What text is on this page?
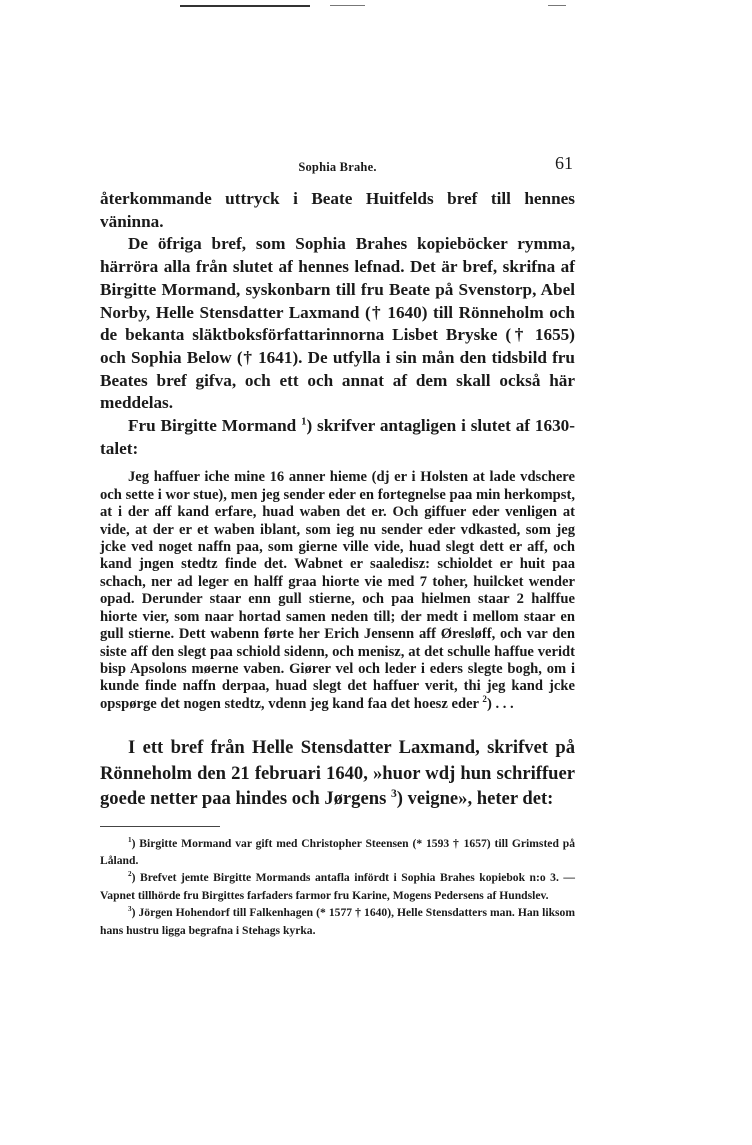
Sophia Brahe.	61

återkommande uttryck i Beate Huitfelds bref till hennes väninna.

De öfriga bref, som Sophia Brahes kopieböcker rymma, härröra alla från slutet af hennes lefnad. Det är bref, skrifna af Birgitte Mormand, syskonbarn till fru Beate på Svenstorp, Abel Norby, Helle Stensdatter Laxmand († 1640) till Rönneholm och de bekanta släktboksförfattarinnorna Lisbet Bryske († 1655) och Sophia Below († 1641). De utfylla i sin mån den tidsbild fru Beates bref gifva, och ett och annat af dem skall också här meddelas.

Fru Birgitte Mormand $^1$) skrifver antagligen i slutet af 1630-talet:

Jeg haffuer iche mine 16 anner hieme (dj er i Holsten at lade vdschere och sette i wor stue), men jeg sender eder en fortegnelse paa min herkompst, at i der aff kand erfare, huad waben det er. Och giffuer eder venligen at vide, at der er et waben iblant, som ieg nu sender eder vdkasted, som jeg jcke ved noget naffn paa, som gierne ville vide, huad slegt dett er aff, och kand jngen stedtz finde det. Wabnet er saaledisz: schioldet er huit paa schach, ner ad leger en halff graa hiorte vie med 7 toher, huilcket wender opad. Derunder staar enn gull stierne, och paa hielmen staar 2 halffue hiorte vier, som naar hortad samen neden till; der medt i mellom staar en gull stierne. Dett wabenn førte her Erich Jensenn aff Øresløff, och var den siste aff den slegt paa schiold sidenn, och menisz, at det schulle haffue veridt bisp Apsolons møerne vaben. Giører vel och leder i eders slegte bogh, om i kunde finde naffn derpaa, huad slegt det haffuer verit, thi jeg kand jcke opspørge det nogen stedtz, vdenn jeg kand faa det hoesz eder $^2$) . . .

I ett bref från Helle Stensdatter Laxmand, skrifvet på Rönneholm den 21 februari 1640, »huor wdj hun schriffuer goede netter paa hindes och Jørgens $^3$) veigne», heter det:

$^1$) Birgitte Mormand var gift med Christopher Steensen (* 1593 † 1657) till Grimsted på Låland.

$^2$) Brefvet jemte Birgitte Mormands antafla infördt i Sophia Brahes kopiebok n:o 3. — Vapnet tillhörde fru Birgittes farfaders farmor fru Karine, Mogens Pedersens af Hundslev.

$^3$) Jörgen Hohendorf till Falkenhagen (* 1577 † 1640), Helle Stensdatters man. Han liksom hans hustru ligga begrafna i Stehags kyrka.
